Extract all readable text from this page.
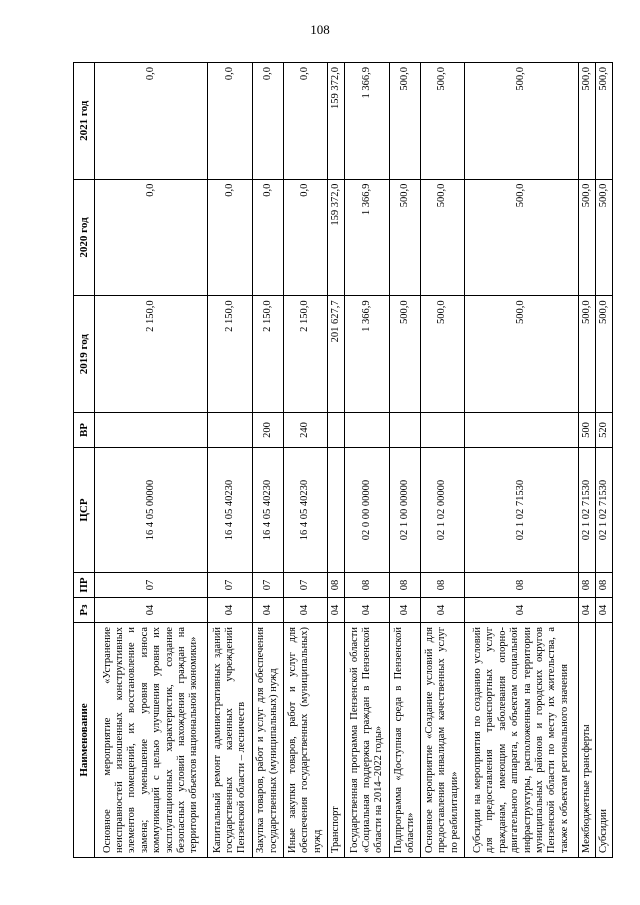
108
Наименование	Рз	ПР	ЦСР	ВР	2019 год	2020 год	2021 год
Основное мероприятие «Устранение неисправностей изношенных конструктивных элементов помещений, их восстановление и замена; уменьшение уровня износа коммуникаций с целью улучшения уровня их эксплуатационных характеристик, создание безопасных условий нахождения граждан на территории объектов национальной экономики»	04	07	16 4 05 00000		2 150,0	0,0	0,0
Капитальный ремонт административных зданий государственных казенных учреждений Пензенской области – лесничеств	04	07	16 4 05 40230		2 150,0	0,0	0,0
Закупка товаров, работ и услуг для обеспечения государственных (муниципальных) нужд	04	07	16 4 05 40230	200	2 150,0	0,0	0,0
Иные закупки товаров, работ и услуг для обеспечения государственных (муниципальных) нужд	04	07	16 4 05 40230	240	2 150,0	0,0	0,0
Транспорт	04	08			201 627,7	159 372,0	159 372,0
Государственная программа Пензенской области «Социальная поддержка граждан в Пензенской области на 2014–2022 годы»	04	08	02 0 00 00000		1 366,9	1 366,9	1 366,9
Подпрограмма «Доступная среда в Пензенской области»	04	08	02 1 00 00000		500,0	500,0	500,0
Основное мероприятие «Создание условий для предоставления инвалидам качественных услуг по реабилитации»	04	08	02 1 02 00000		500,0	500,0	500,0
Субсидии на мероприятия по созданию условий для предоставления транспортных услуг гражданам, имеющим заболевания опорно-двигательного аппарата, к объектам социальной инфраструктуры, расположенным на территории муниципальных районов и городских округов Пензенской области по месту их жительства, а также к объектам регионального значения	04	08	02 1 02 71530		500,0	500,0	500,0
Межбюджетные трансферты	04	08	02 1 02 71530	500	500,0	500,0	500,0
Субсидии	04	08	02 1 02 71530	520	500,0	500,0	500,0
